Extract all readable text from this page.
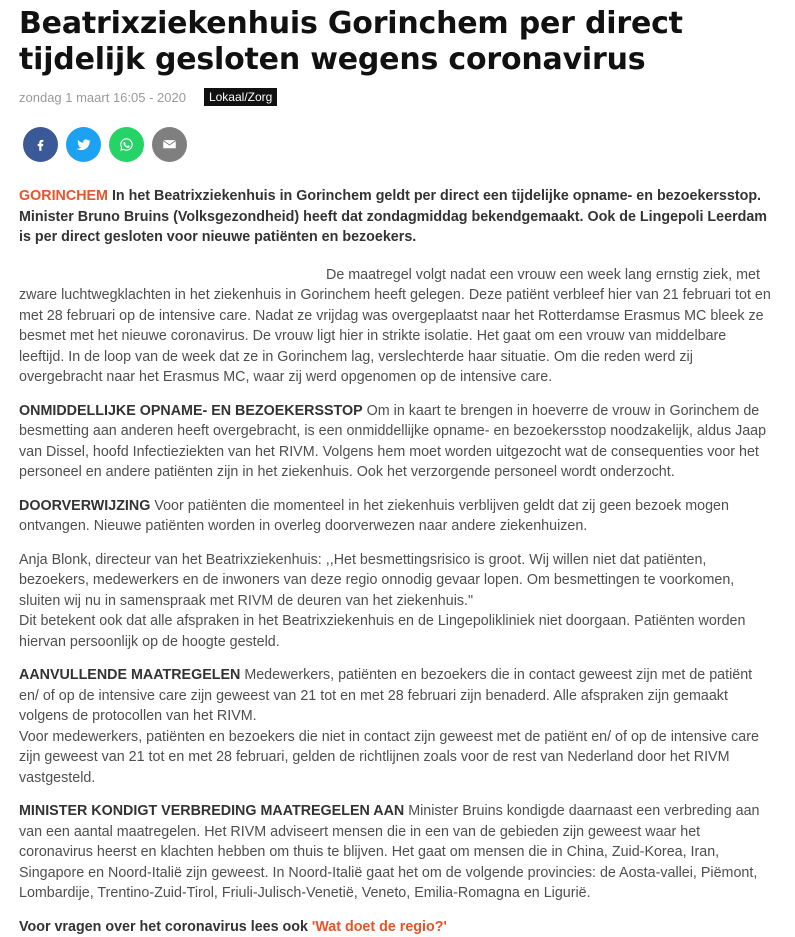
Beatrixziekenhuis Gorinchem per direct tijdelijk gesloten wegens coronavirus
zondag 1 maart 16:05 - 2020	Lokaal/Zorg

GORINCHEM In het Beatrixziekenhuis in Gorinchem geldt per direct een tijdelijke opname- en bezoekersstop. Minister Bruno Bruins (Volksgezondheid) heeft dat zondagmiddag bekendgemaakt. Ook de Lingepoli Leerdam is per direct gesloten voor nieuwe patiënten en bezoekers.

De maatregel volgt nadat een vrouw een week lang ernstig ziek, met zware luchtwegklachten in het ziekenhuis in Gorinchem heeft gelegen. Deze patiënt verbleef hier van 21 februari tot en met 28 februari op de intensive care. Nadat ze vrijdag was overgeplaatst naar het Rotterdamse Erasmus MC bleek ze besmet met het nieuwe coronavirus. De vrouw ligt hier in strikte isolatie. Het gaat om een vrouw van middelbare leeftijd. In de loop van de week dat ze in Gorinchem lag, verslechterde haar situatie. Om die reden werd zij overgebracht naar het Erasmus MC, waar zij werd opgenomen op de intensive care.

ONMIDDELLIJKE OPNAME- EN BEZOEKERSSTOP Om in kaart te brengen in hoeverre de vrouw in Gorinchem de besmetting aan anderen heeft overgebracht, is een onmiddellijke opname- en bezoekersstop noodzakelijk, aldus Jaap van Dissel, hoofd Infectieziekten van het RIVM. Volgens hem moet worden uitgezocht wat de consequenties voor het personeel en andere patiënten zijn in het ziekenhuis. Ook het verzorgende personeel wordt onderzocht.

DOORVERWIJZING Voor patiënten die momenteel in het ziekenhuis verblijven geldt dat zij geen bezoek mogen ontvangen. Nieuwe patiënten worden in overleg doorverwezen naar andere ziekenhuizen.

Anja Blonk, directeur van het Beatrixziekenhuis: ,,Het besmettingsrisico is groot. Wij willen niet dat patiënten, bezoekers, medewerkers en de inwoners van deze regio onnodig gevaar lopen. Om besmettingen te voorkomen, sluiten wij nu in samenspraak met RIVM de deuren van het ziekenhuis."

Dit betekent ook dat alle afspraken in het Beatrixziekenhuis en de Lingepolikliniek niet doorgaan. Patiënten worden hiervan persoonlijk op de hoogte gesteld.

AANVULLENDE MAATREGELEN Medewerkers, patiënten en bezoekers die in contact geweest zijn met de patiënt en/ of op de intensive care zijn geweest van 21 tot en met 28 februari zijn benaderd. Alle afspraken zijn gemaakt volgens de protocollen van het RIVM.

Voor medewerkers, patiënten en bezoekers die niet in contact zijn geweest met de patiënt en/ of op de intensive care zijn geweest van 21 tot en met 28 februari, gelden de richtlijnen zoals voor de rest van Nederland door het RIVM vastgesteld.

MINISTER KONDIGT VERBREDING MAATREGELEN AAN Minister Bruins kondigde daarnaast een verbreding aan van een aantal maatregelen. Het RIVM adviseert mensen die in een van de gebieden zijn geweest waar het coronavirus heerst en klachten hebben om thuis te blijven. Het gaat om mensen die in China, Zuid-Korea, Iran, Singapore en Noord-Italië zijn geweest. In Noord-Italië gaat het om de volgende provincies: de Aosta-vallei, Piëmont, Lombardije, Trentino-Zuid-Tirol, Friuli-Julisch-Venetië, Veneto, Emilia-Romagna en Ligurië.

Voor vragen over het coronavirus lees ook 'Wat doet de regio?'
